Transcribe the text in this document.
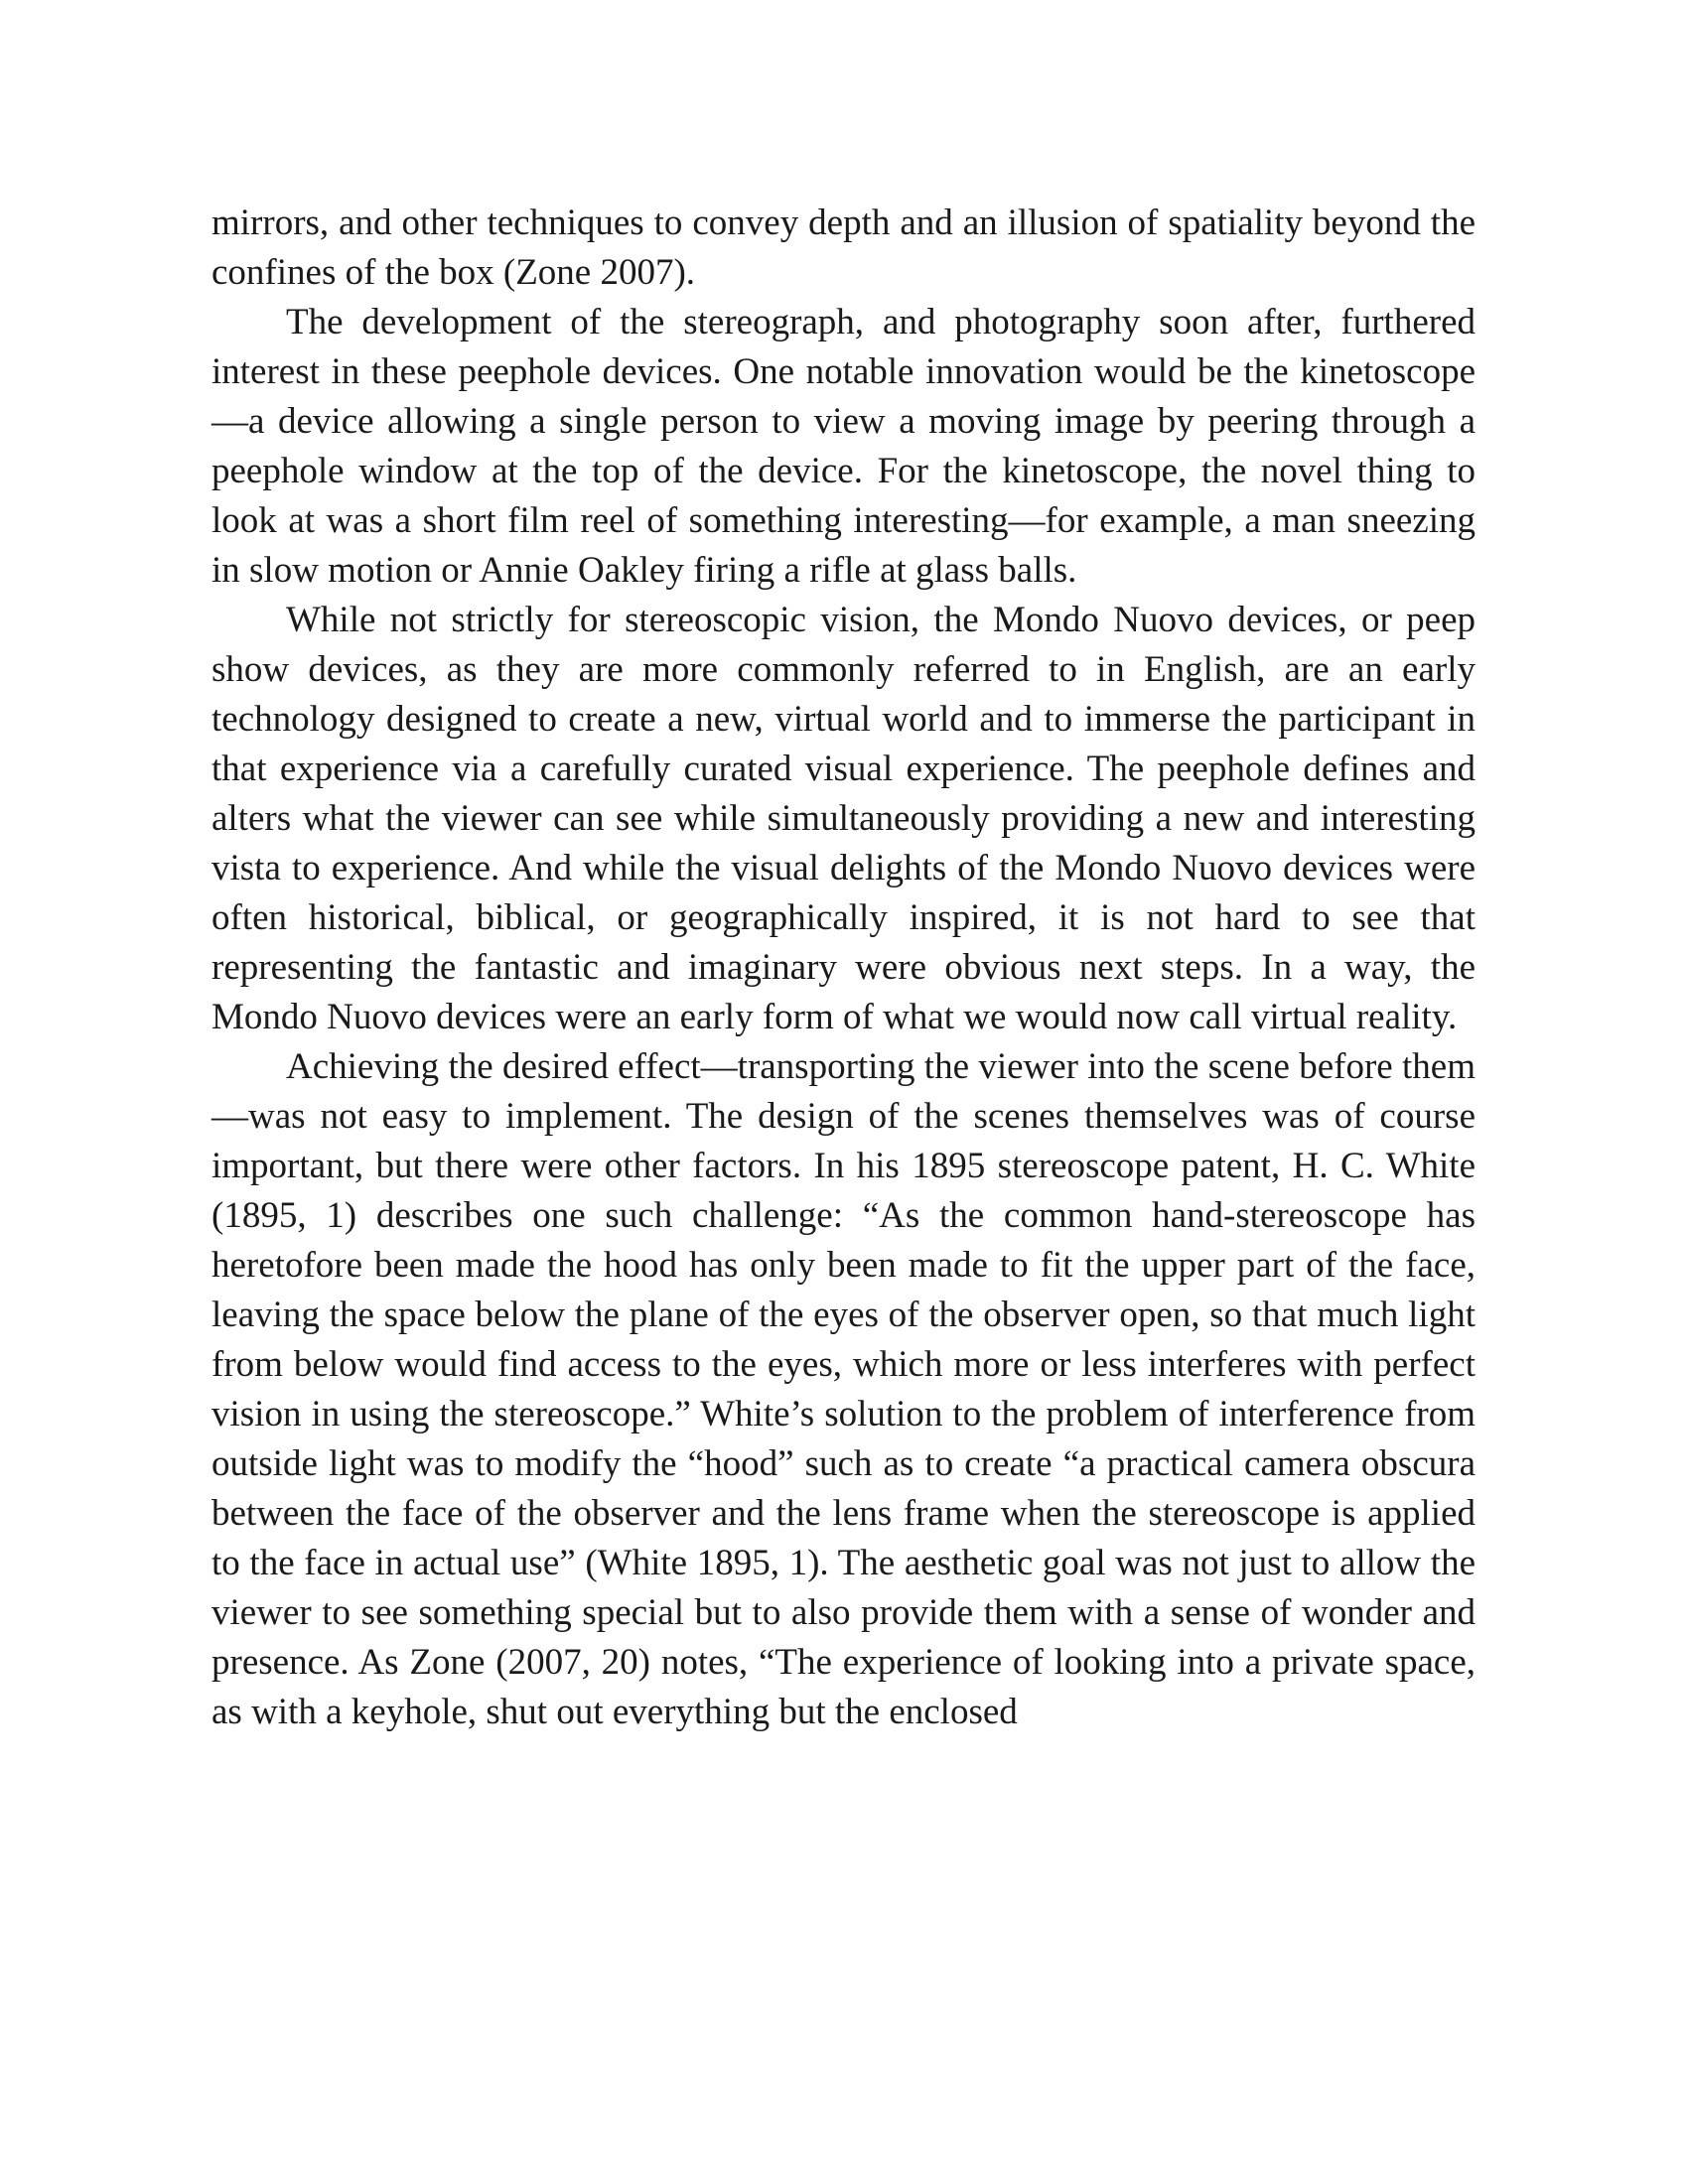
mirrors, and other techniques to convey depth and an illusion of spatiality beyond the confines of the box (Zone 2007).

The development of the stereograph, and photography soon after, furthered interest in these peephole devices. One notable innovation would be the kinetoscope—a device allowing a single person to view a moving image by peering through a peephole window at the top of the device. For the kinetoscope, the novel thing to look at was a short film reel of something interesting—for example, a man sneezing in slow motion or Annie Oakley firing a rifle at glass balls.

While not strictly for stereoscopic vision, the Mondo Nuovo devices, or peep show devices, as they are more commonly referred to in English, are an early technology designed to create a new, virtual world and to immerse the participant in that experience via a carefully curated visual experience. The peephole defines and alters what the viewer can see while simultaneously providing a new and interesting vista to experience. And while the visual delights of the Mondo Nuovo devices were often historical, biblical, or geographically inspired, it is not hard to see that representing the fantastic and imaginary were obvious next steps. In a way, the Mondo Nuovo devices were an early form of what we would now call virtual reality.

Achieving the desired effect—transporting the viewer into the scene before them—was not easy to implement. The design of the scenes themselves was of course important, but there were other factors. In his 1895 stereoscope patent, H. C. White (1895, 1) describes one such challenge: “As the common hand-stereoscope has heretofore been made the hood has only been made to fit the upper part of the face, leaving the space below the plane of the eyes of the observer open, so that much light from below would find access to the eyes, which more or less interferes with perfect vision in using the stereoscope.” White’s solution to the problem of interference from outside light was to modify the “hood” such as to create “a practical camera obscura between the face of the observer and the lens frame when the stereoscope is applied to the face in actual use” (White 1895, 1). The aesthetic goal was not just to allow the viewer to see something special but to also provide them with a sense of wonder and presence. As Zone (2007, 20) notes, “The experience of looking into a private space, as with a keyhole, shut out everything but the enclosed
